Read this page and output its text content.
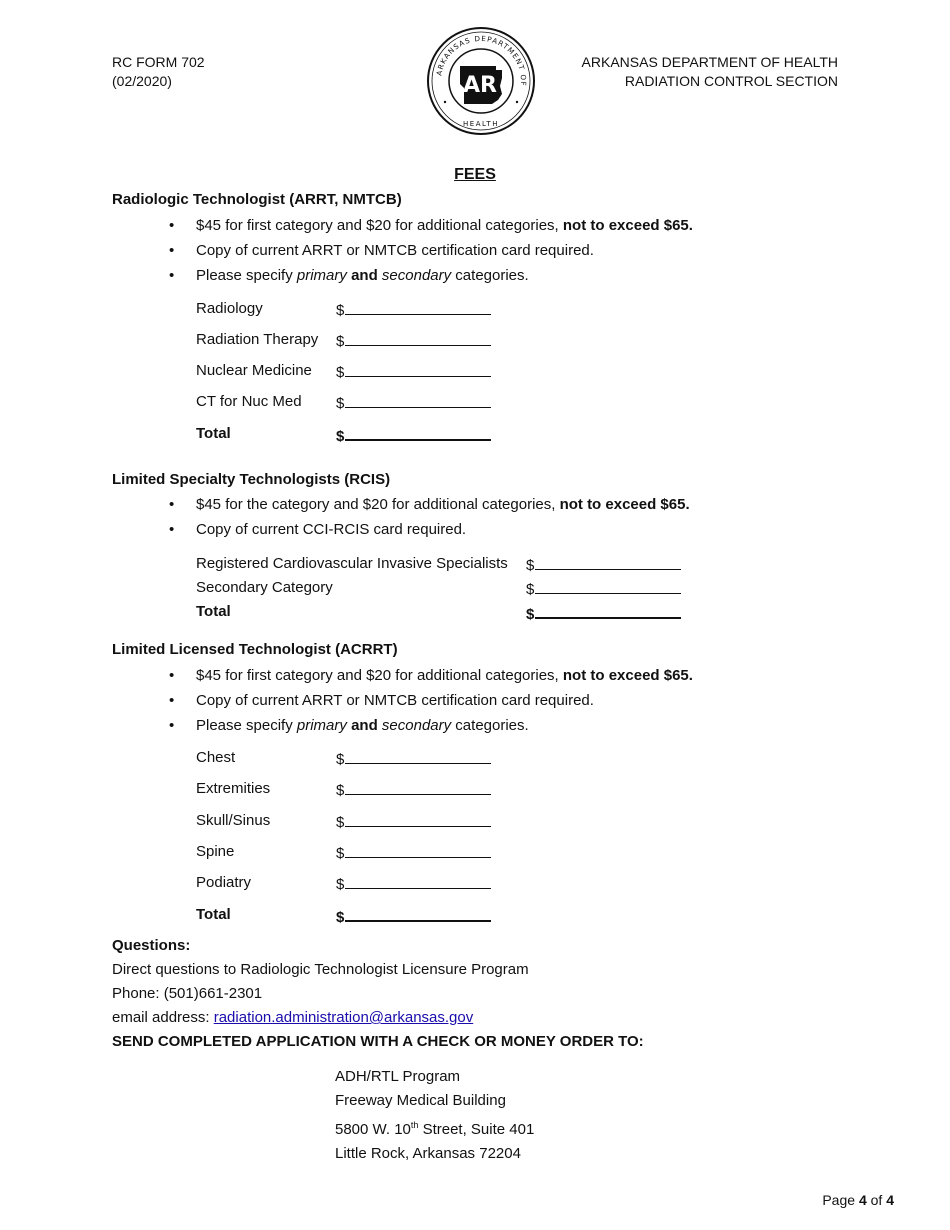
RC FORM 702
(02/2020)
ARKANSAS DEPARTMENT OF
HEALTH
AR
ARKANSAS DEPARTMENT OF HEALTH
RADIATION CONTROL SECTION
FEES
Radiologic Technologist (ARRT, NMTCB)
• $45 for first category and $20 for additional categories, not to exceed $65.
• Copy of current ARRT or NMTCB certification card required.
• Please specify primary and secondary categories.
Radiology	$
Radiation Therapy $
Nuclear Medicine $
CT for Nuc Med $
Total	$
Limited Specialty Technologists (RCIS)
• $45 for the category and $20 for additional categories, not to exceed $65.
• Copy of current CCI-RCIS card required.
Registered Cardiovascular Invasive Specialists $
Secondary Category	$
Total	$
Limited Licensed Technologist (ACRRT)
• $45 for first category and $20 for additional categories, not to exceed $65.
• Copy of current ARRT or NMTCB certification card required.
• Please specify primary and secondary categories.
Chest	$
Extremities	$
Skull/Sinus	$
Spine	$
Podiatry	$
Total	$
Questions:
Direct questions to Radiologic Technologist Licensure Program
Phone: (501)661-2301
email address: radiation.administration@arkansas.gov
SEND COMPLETED APPLICATION WITH A CHECK OR MONEY ORDER TO:
ADH/RTL Program
Freeway Medical Building
5800 W. 10th Street, Suite 401
Little Rock, Arkansas 72204
Page 4 of 4
